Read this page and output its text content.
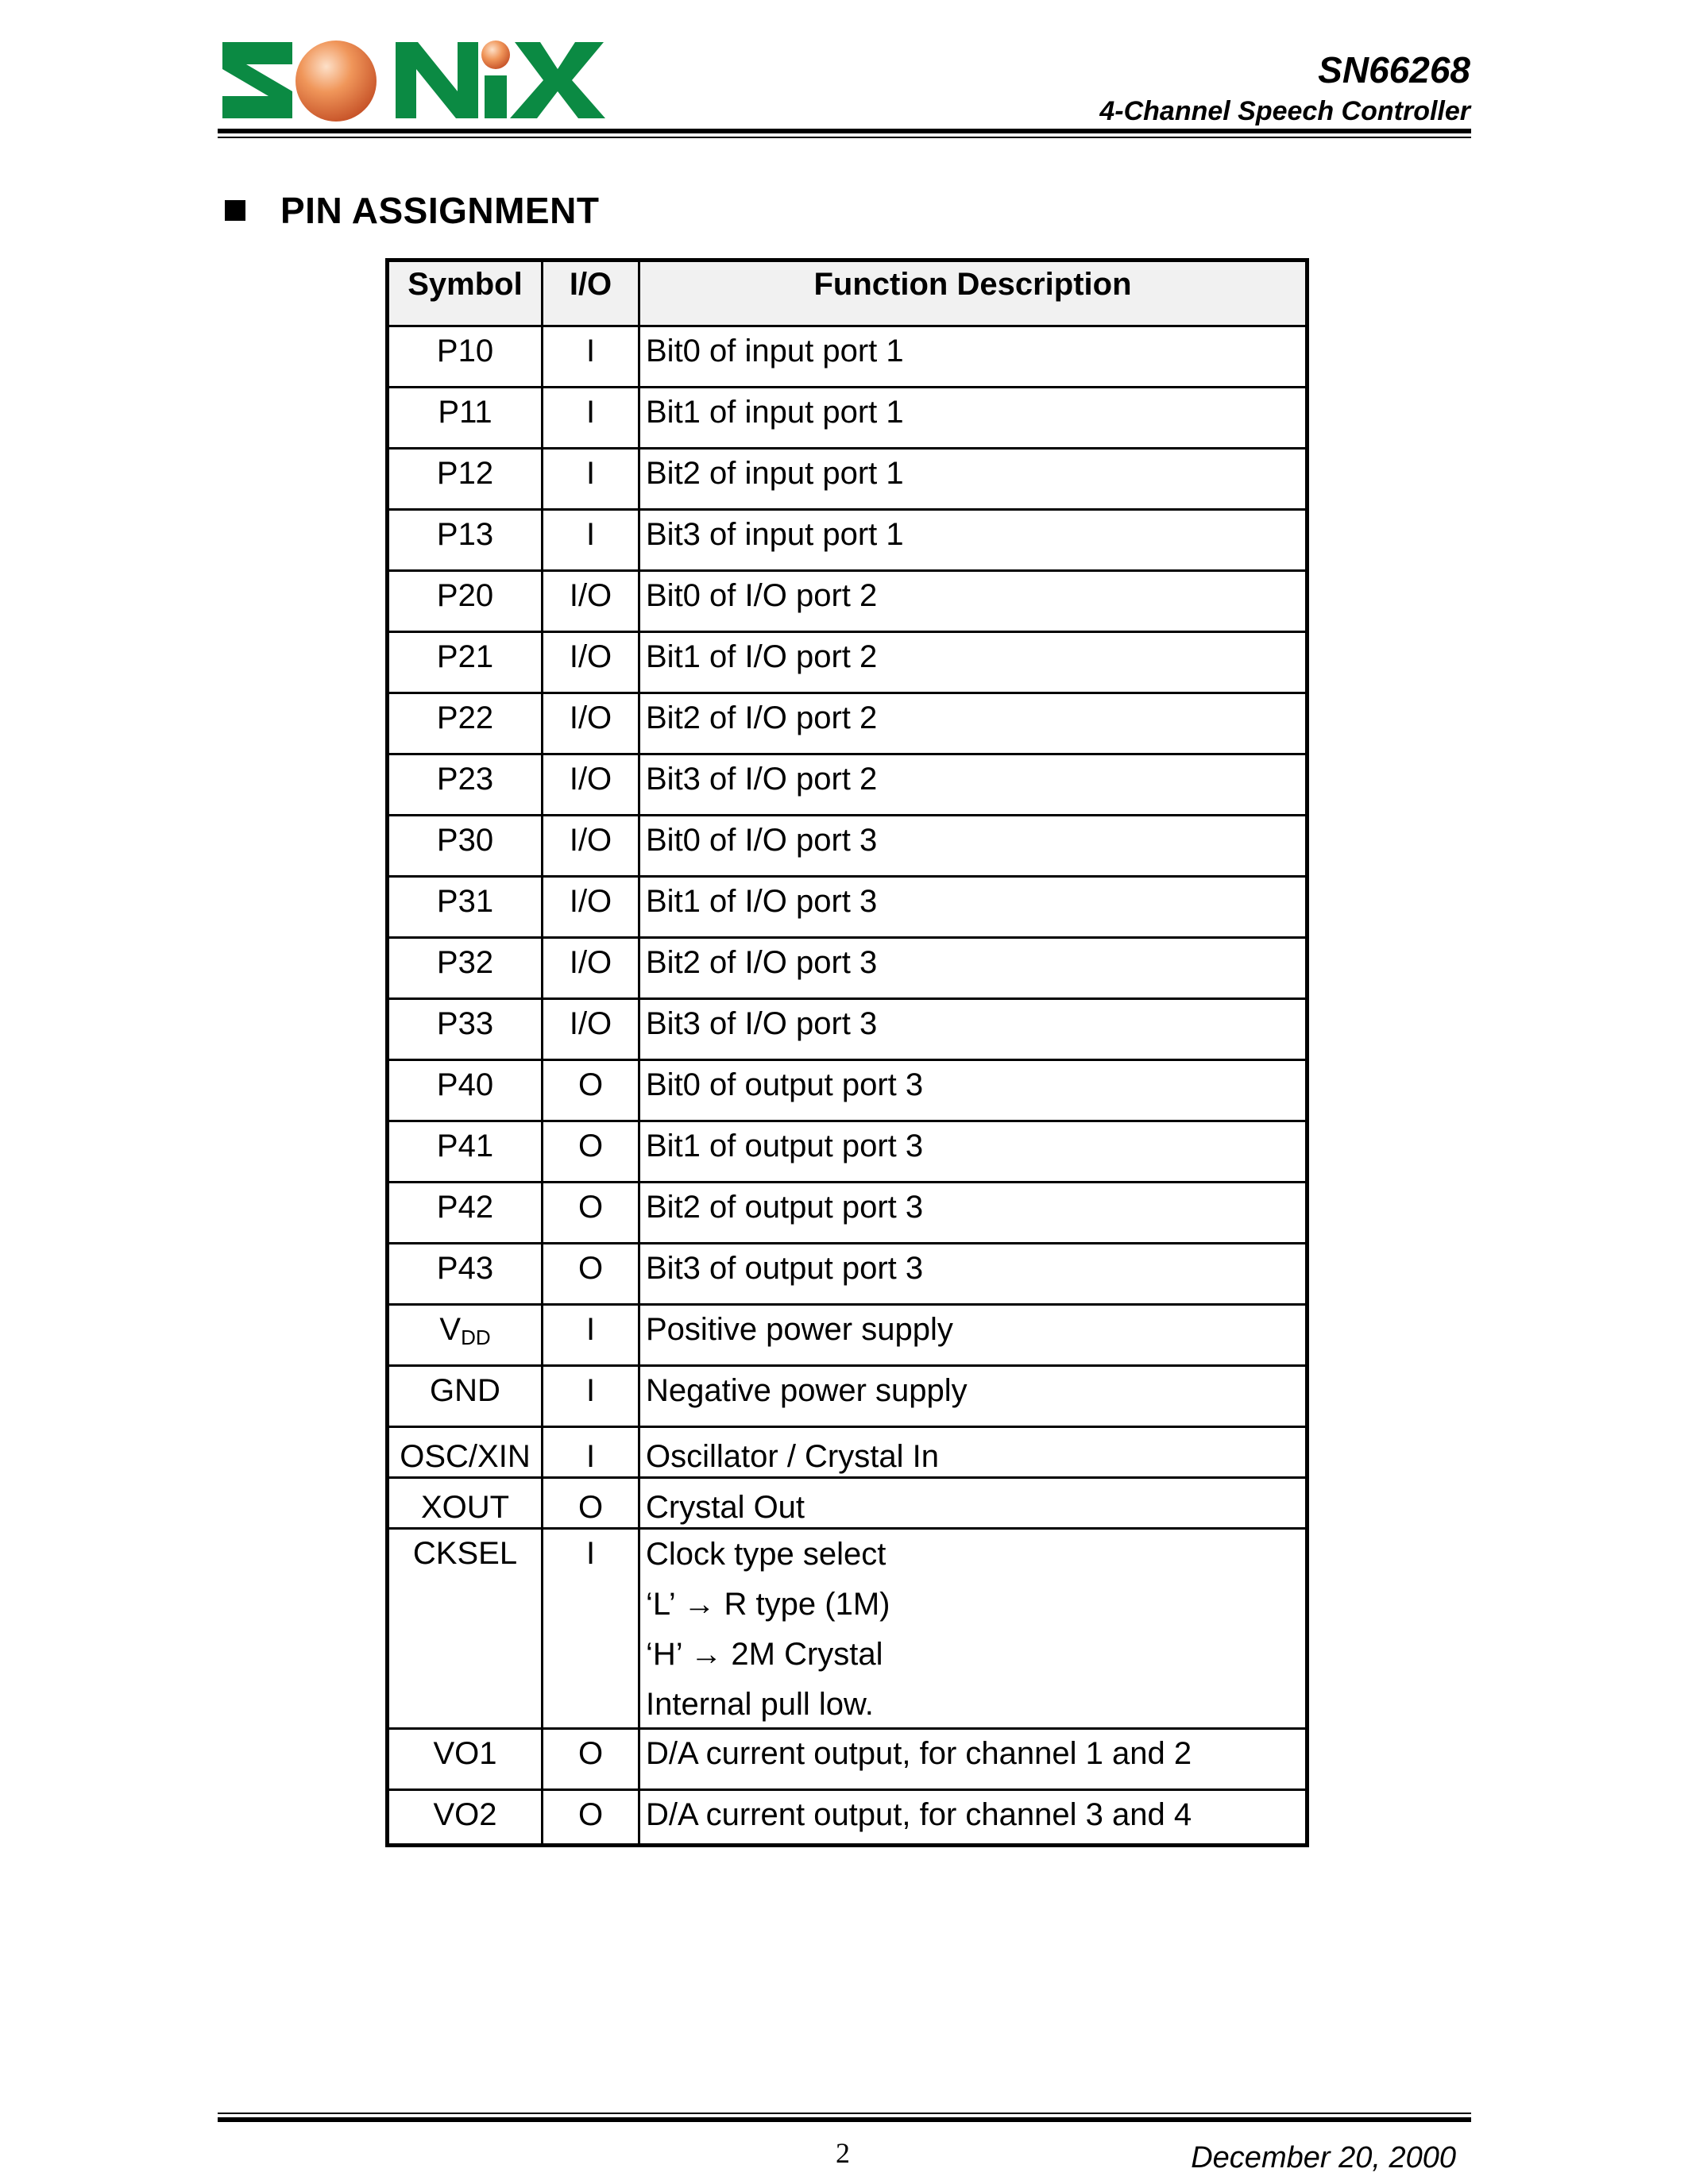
SN66268
4-Channel Speech Controller
PIN ASSIGNMENT
Symbol	I/O	Function Description
P10	I	Bit0 of input port 1
P11	I	Bit1 of input port 1
P12	I	Bit2 of input port 1
P13	I	Bit3 of input port 1
P20	I/O	Bit0 of I/O port 2
P21	I/O	Bit1 of I/O port 2
P22	I/O	Bit2 of I/O port 2
P23	I/O	Bit3 of I/O port 2
P30	I/O	Bit0 of I/O port 3
P31	I/O	Bit1 of I/O port 3
P32	I/O	Bit2 of I/O port 3
P33	I/O	Bit3 of I/O port 3
P40	O	Bit0 of output port 3
P41	O	Bit1 of output port 3
P42	O	Bit2 of output port 3
P43	O	Bit3 of output port 3
$V_{DD}$	I	Positive power supply
GND	I	Negative power supply
OSC/XIN	I	Oscillator / Crystal In
XOUT	O	Crystal Out
CKSEL	I	Clock type select
‘L’ → R type (1M)
‘H’ → 2M Crystal
Internal pull low.
VO1	O	D/A current output, for channel 1 and 2
VO2	O	D/A current output, for channel 3 and 4
2	December 20, 2000
